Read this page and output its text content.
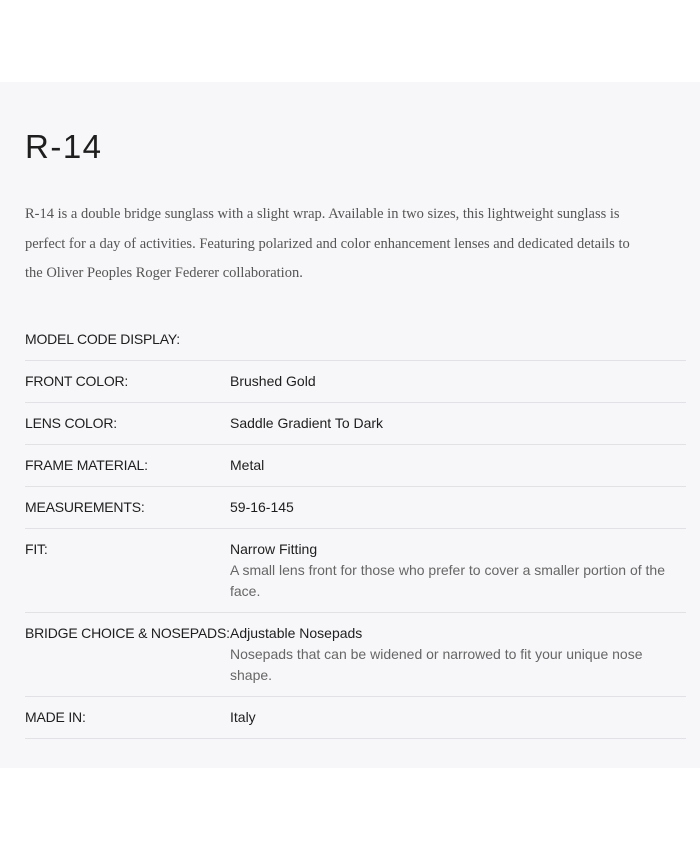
R-14

R-14 is a double bridge sunglass with a slight wrap. Available in two sizes, this lightweight sunglass is perfect for a day of activities. Featuring polarized and color enhancement lenses and dedicated details to the Oliver Peoples Roger Federer collaboration.

MODEL CODE DISPLAY:
FRONT COLOR:	Brushed Gold
LENS COLOR:	Saddle Gradient To Dark
FRAME MATERIAL:	Metal
MEASUREMENTS:	59-16-145
FIT:	Narrow Fitting
A small lens front for those who prefer to cover a smaller portion of the face.
BRIDGE CHOICE & NOSEPADS: Adjustable Nosepads
Nosepads that can be widened or narrowed to fit your unique nose shape.
MADE IN:	Italy
